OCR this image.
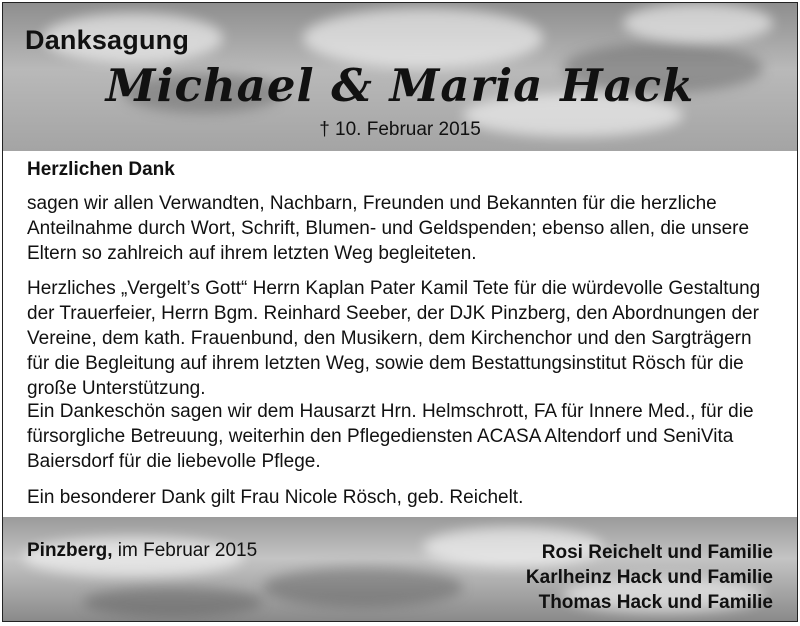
Danksagung
Michael & Maria Hack
† 10. Februar 2015
Herzlichen Dank
sagen wir allen Verwandten, Nachbarn, Freunden und Bekannten für die herzliche Anteilnahme durch Wort, Schrift, Blumen- und Geldspenden; ebenso allen, die unsere Eltern so zahlreich auf ihrem letzten Weg begleiteten.
Herzliches „Vergelt’s Gott“ Herrn Kaplan Pater Kamil Tete für die würdevolle Gestaltung der Trauerfeier, Herrn Bgm. Reinhard Seeber, der DJK Pinzberg, den Abordnungen der Vereine, dem kath. Frauenbund, den Musikern, dem Kirchenchor und den Sargträgern für die Begleitung auf ihrem letzten Weg, sowie dem Bestattungsinstitut Rösch für die große Unterstützung.
Ein Dankeschön sagen wir dem Hausarzt Hrn. Helmschrott, FA für Innere Med., für die fürsorgliche Betreuung, weiterhin den Pflegediensten ACASA Altendorf und SeniVita Baiersdorf für die liebevolle Pflege.
Ein besonderer Dank gilt Frau Nicole Rösch, geb. Reichelt.
Pinzberg, im Februar 2015	Rosi Reichelt und Familie
Karlheinz Hack und Familie
Thomas Hack und Familie
